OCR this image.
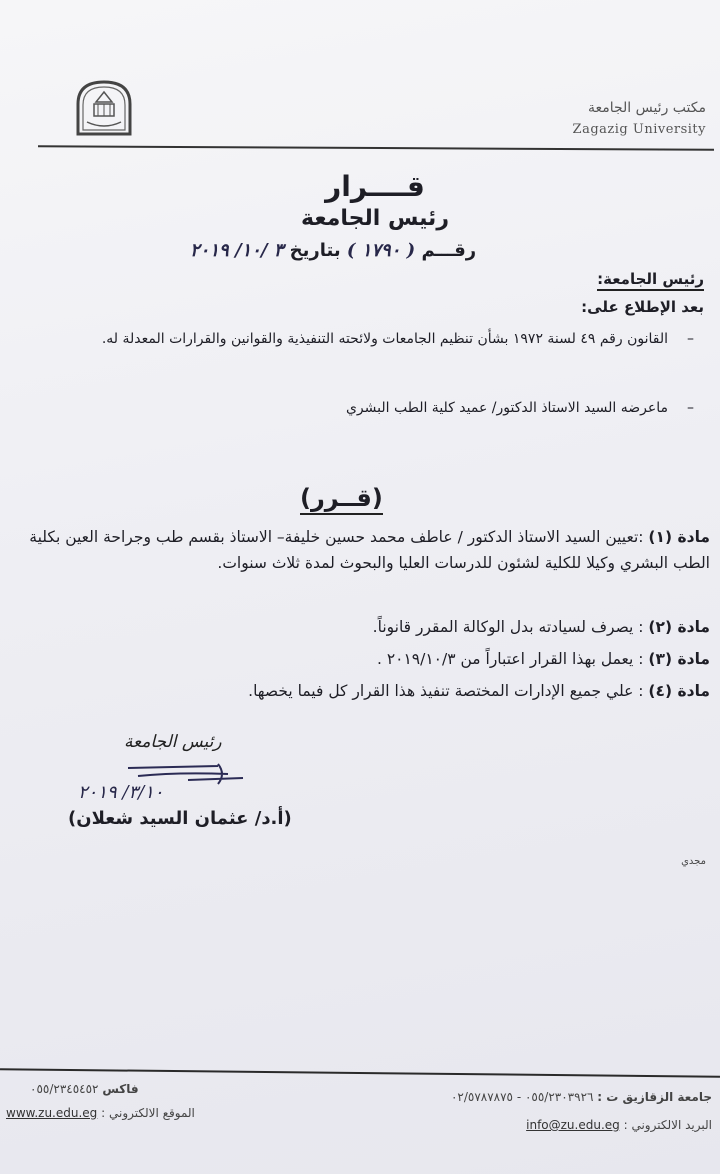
مكتب رئيس الجامعة
Zagazig University
قــــرار
رئيس الجامعة
رقـــم ( ١٧٩٠ ) بتاريخ ٣ /١٠/ ٢٠١٩
رئيس الجامعة:
بعد الإطلاع على:
–
القانون رقم ٤٩ لسنة ١٩٧٢ بشأن تنظيم الجامعات ولائحته التنفيذية والقوانين والقرارات المعدلة له.
–
ماعرضه السيد الاستاذ الدكتور/ عميد كلية الطب البشري
(قــرر)
مادة (١) :تعيين السيد الاستاذ الدكتور / عاطف محمد حسين خليفة– الاستاذ بقسم طب وجراحة العين بكلية الطب البشري وكيلا للكلية لشئون للدرسات العليا والبحوث لمدة ثلاث سنوات.
مادة (٢) : يصرف لسيادته بدل الوكالة المقرر قانوناً.
مادة (٣) : يعمل بهذا القرار اعتباراً من ٢٠١٩/١٠/٣ .
مادة (٤) : علي جميع الإدارات المختصة تنفيذ هذا القرار كل فيما يخصها.
رئيس الجامعة
٣/١٠/ ٢٠١٩
(أ.د/ عثمان السيد شعلان)
مجدي
فاكس ٠٥٥/٢٣٤٥٤٥٢
جامعة الزقازيق ت : ٠٥٥/٢٣٠٣٩٢٦ - ٠٢/٥٧٨٧٨٧٥
الموقع الالكتروني : www.zu.edu.eg
البريد الالكتروني : info@zu.edu.eg
